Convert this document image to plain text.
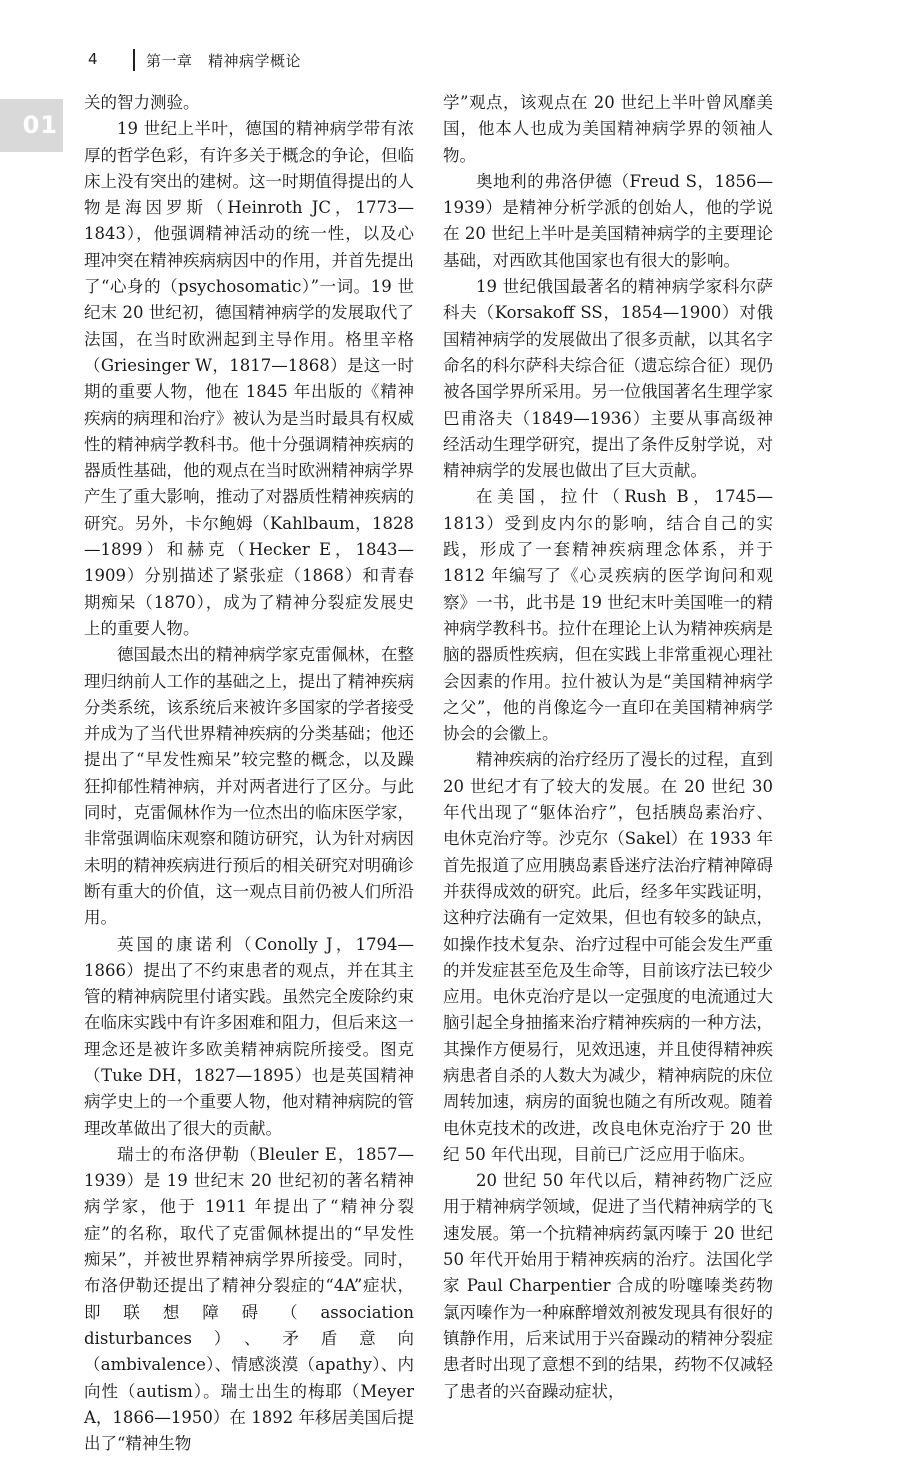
4	第一章　精神病学概论
01

关的智力测验。

19 世纪上半叶，德国的精神病学带有浓厚的哲学色彩，有许多关于概念的争论，但临床上没有突出的建树。这一时期值得提出的人物是海因罗斯（Heinroth JC，1773—1843），他强调精神活动的统一性，以及心理冲突在精神疾病病因中的作用，并首先提出了“心身的（psychosomatic）”一词。19 世纪末 20 世纪初，德国精神病学的发展取代了法国，在当时欧洲起到主导作用。格里辛格（Griesinger W，1817—1868）是这一时期的重要人物，他在 1845 年出版的《精神疾病的病理和治疗》被认为是当时最具有权威性的精神病学教科书。他十分强调精神疾病的器质性基础，他的观点在当时欧洲精神病学界产生了重大影响，推动了对器质性精神疾病的研究。另外，卡尔鲍姆（Kahlbaum，1828—1899）和赫克（Hecker E，1843—1909）分别描述了紧张症（1868）和青春期痴呆（1870），成为了精神分裂症发展史上的重要人物。

德国最杰出的精神病学家克雷佩林，在整理归纳前人工作的基础之上，提出了精神疾病分类系统，该系统后来被许多国家的学者接受并成为了当代世界精神疾病的分类基础；他还提出了“早发性痴呆”较完整的概念，以及躁狂抑郁性精神病，并对两者进行了区分。与此同时，克雷佩林作为一位杰出的临床医学家，非常强调临床观察和随访研究，认为针对病因未明的精神疾病进行预后的相关研究对明确诊断有重大的价值，这一观点目前仍被人们所沿用。

英国的康诺利（Conolly J，1794—1866）提出了不约束患者的观点，并在其主管的精神病院里付诸实践。虽然完全废除约束在临床实践中有许多困难和阻力，但后来这一理念还是被许多欧美精神病院所接受。图克（Tuke DH，1827—1895）也是英国精神病学史上的一个重要人物，他对精神病院的管理改革做出了很大的贡献。

瑞士的布洛伊勒（Bleuler E，1857—1939）是 19 世纪末 20 世纪初的著名精神病学家，他于 1911 年提出了“精神分裂症”的名称，取代了克雷佩林提出的“早发性痴呆”，并被世界精神病学界所接受。同时，布洛伊勒还提出了精神分裂症的“4A”症状，即联想障碍（association disturbances）、矛盾意向（ambivalence）、情感淡漠（apathy）、内向性（autism）。瑞士出生的梅耶（Meyer A，1866—1950）在 1892 年移居美国后提出了“精神生物

学”观点，该观点在 20 世纪上半叶曾风靡美国，他本人也成为美国精神病学界的领袖人物。

奥地利的弗洛伊德（Freud S，1856—1939）是精神分析学派的创始人，他的学说在 20 世纪上半叶是美国精神病学的主要理论基础，对西欧其他国家也有很大的影响。

19 世纪俄国最著名的精神病学家科尔萨科夫（Korsakoff SS，1854—1900）对俄国精神病学的发展做出了很多贡献，以其名字命名的科尔萨科夫综合征（遗忘综合征）现仍被各国学界所采用。另一位俄国著名生理学家巴甫洛夫（1849—1936）主要从事高级神经活动生理学研究，提出了条件反射学说，对精神病学的发展也做出了巨大贡献。

在美国，拉什（Rush B，1745—1813）受到皮内尔的影响，结合自己的实践，形成了一套精神疾病理念体系，并于 1812 年编写了《心灵疾病的医学询问和观察》一书，此书是 19 世纪末叶美国唯一的精神病学教科书。拉什在理论上认为精神疾病是脑的器质性疾病，但在实践上非常重视心理社会因素的作用。拉什被认为是“美国精神病学之父”，他的肖像迄今一直印在美国精神病学协会的会徽上。

精神疾病的治疗经历了漫长的过程，直到 20 世纪才有了较大的发展。在 20 世纪 30 年代出现了“躯体治疗”，包括胰岛素治疗、电休克治疗等。沙克尔（Sakel）在 1933 年首先报道了应用胰岛素昏迷疗法治疗精神障碍并获得成效的研究。此后，经多年实践证明，这种疗法确有一定效果，但也有较多的缺点，如操作技术复杂、治疗过程中可能会发生严重的并发症甚至危及生命等，目前该疗法已较少应用。电休克治疗是以一定强度的电流通过大脑引起全身抽搐来治疗精神疾病的一种方法，其操作方便易行，见效迅速，并且使得精神疾病患者自杀的人数大为减少，精神病院的床位周转加速，病房的面貌也随之有所改观。随着电休克技术的改进，改良电休克治疗于 20 世纪 50 年代出现，目前已广泛应用于临床。

20 世纪 50 年代以后，精神药物广泛应用于精神病学领域，促进了当代精神病学的飞速发展。第一个抗精神病药氯丙嗪于 20 世纪 50 年代开始用于精神疾病的治疗。法国化学家 Paul Charpentier 合成的吩噻嗪类药物氯丙嗪作为一种麻醉增效剂被发现具有很好的镇静作用，后来试用于兴奋躁动的精神分裂症患者时出现了意想不到的结果，药物不仅减轻了患者的兴奋躁动症状，
